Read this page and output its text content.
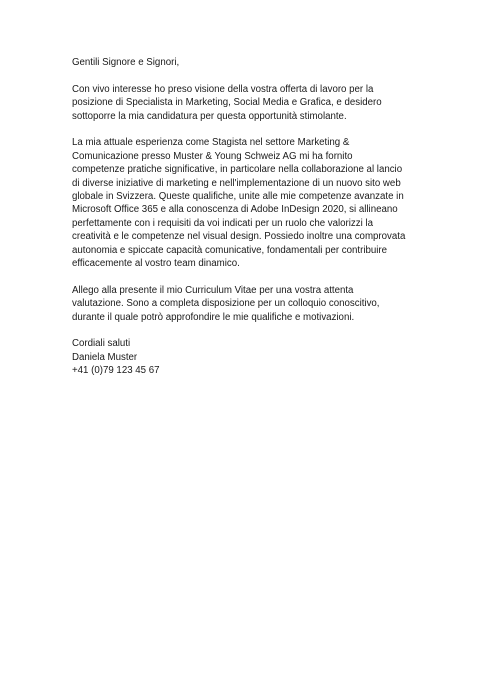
Gentili Signore e Signori,

Con vivo interesse ho preso visione della vostra offerta di lavoro per la
posizione di Specialista in Marketing, Social Media e Grafica, e desidero
sottoporre la mia candidatura per questa opportunità stimolante.

La mia attuale esperienza come Stagista nel settore Marketing &
Comunicazione presso Muster & Young Schweiz AG mi ha fornito
competenze pratiche significative, in particolare nella collaborazione al lancio
di diverse iniziative di marketing e nell'implementazione di un nuovo sito web
globale in Svizzera. Queste qualifiche, unite alle mie competenze avanzate in
Microsoft Office 365 e alla conoscenza di Adobe InDesign 2020, si allineano
perfettamente con i requisiti da voi indicati per un ruolo che valorizzi la
creatività e le competenze nel visual design. Possiedo inoltre una comprovata
autonomia e spiccate capacità comunicative, fondamentali per contribuire
efficacemente al vostro team dinamico.

Allego alla presente il mio Curriculum Vitae per una vostra attenta
valutazione. Sono a completa disposizione per un colloquio conoscitivo,
durante il quale potrò approfondire le mie qualifiche e motivazioni.

Cordiali saluti
Daniela Muster
+41 (0)79 123 45 67
